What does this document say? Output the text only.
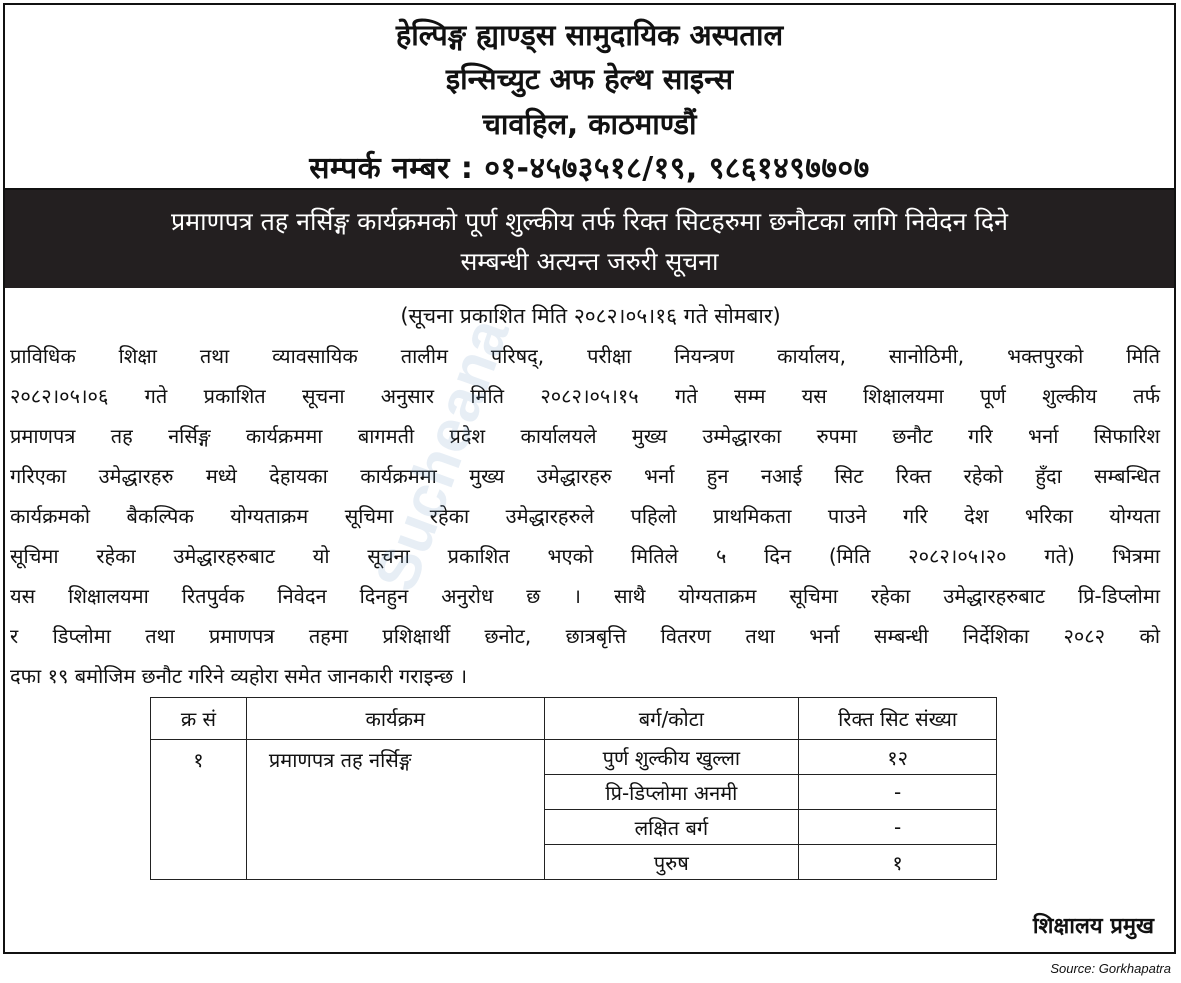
हेल्पिङ्ग ह्याण्ड्स सामुदायिक अस्पताल
इन्सिच्युट अफ हेल्थ साइन्स
चावहिल, काठमाण्डौं
सम्पर्क नम्बर : ०१-४५७३५१८/१९, ९८६१४९७७०७
प्रमाणपत्र तह नर्सिङ्ग कार्यक्रमको पूर्ण शुल्कीय तर्फ रिक्त सिटहरुमा छनौटका लागि निवेदन दिने
सम्बन्धी अत्यन्त जरुरी सूचना
(सूचना प्रकाशित मिति २०८२।०५।१६ गते सोमबार)
प्राविधिक शिक्षा तथा व्यावसायिक तालीम परिषद्, परीक्षा नियन्त्रण कार्यालय, सानोठिमी, भक्तपुरको मिति
२०८२।०५।०६ गते प्रकाशित सूचना अनुसार मिति २०८२।०५।१५ गते सम्म यस शिक्षालयमा पूर्ण शुल्कीय तर्फ
प्रमाणपत्र तह नर्सिङ्ग कार्यक्रममा बागमती प्रदेश कार्यालयले मुख्य उम्मेद्धारका रुपमा छनौट गरि भर्ना सिफारिश
गरिएका उमेद्धारहरु मध्ये देहायका कार्यक्रममा मुख्य उमेद्धारहरु भर्ना हुन नआई सिट रिक्त रहेको हुँदा सम्बन्धित
कार्यक्रमको बैकल्पिक योग्यताक्रम सूचिमा रहेका उमेद्धारहरुले पहिलो प्राथमिकता पाउने गरि देश भरिका योग्यता
सूचिमा रहेका उमेद्धारहरुबाट यो सूचना प्रकाशित भएको मितिले ५ दिन (मिति २०८२।०५।२० गते) भित्रमा
यस शिक्षालयमा रितपुर्वक निवेदन दिनहुन अनुरोध छ । साथै योग्यताक्रम सूचिमा रहेका उमेद्धारहरुबाट प्रि-डिप्लोमा
र डिप्लोमा तथा प्रमाणपत्र तहमा प्रशिक्षार्थी छनोट, छात्रबृत्ति वितरण तथा भर्ना सम्बन्धी निर्देशिका २०८२ को
दफा १९ बमोजिम छनौट गरिने व्यहोरा समेत जानकारी गराइन्छ ।
क्र सं	कार्यक्रम	बर्ग/कोटा	रिक्त सिट संख्या
१	प्रमाणपत्र तह नर्सिङ्ग	पुर्ण शुल्कीय खुल्ला	१२
		प्रि-डिप्लोमा अनमी	-
		लक्षित बर्ग	-
		पुरुष	१
शिक्षालय प्रमुख
Source: Gorkhapatra
Sucheana
